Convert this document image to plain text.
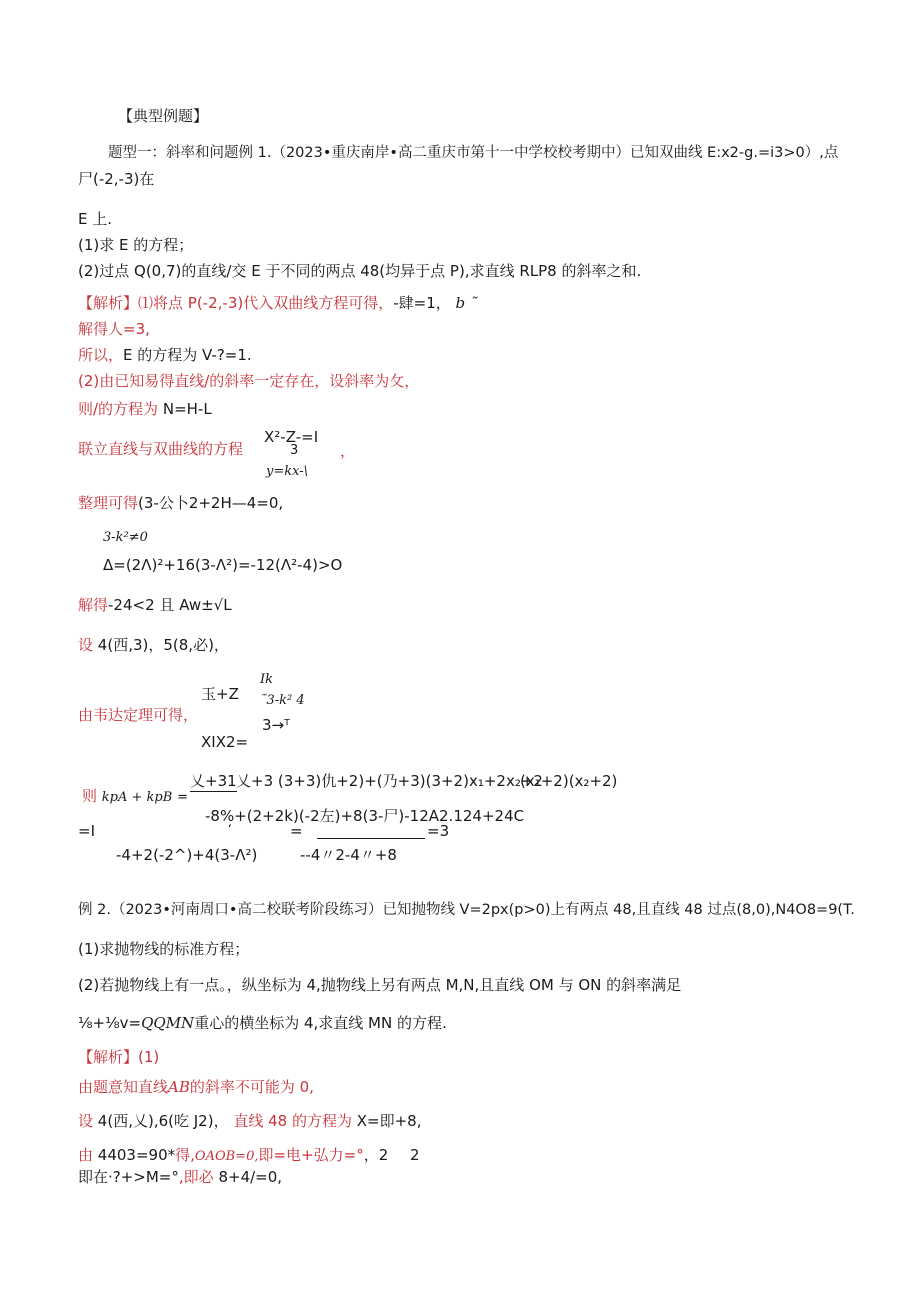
【典型例题】
题型一：斜率和问题例 1.（2023•重庆南岸•高二重庆市第十一中学校校考期中）已知双曲线 E:x2-g.=i3>0）,点
尸(-2,-3)在
E 上.
(1)求 E 的方程；
(2)过点 Q(0,7)的直线/交 E 于不同的两点 48(均异于点 P),求直线 RLP8 的斜率之和.
【解析】⑴将点 P(-2,-3)代入双曲线方程可得，-肆=1， b ˜
解得人=3,
所以，E 的方程为 V-?=1.
(2)由已知易得直线/的斜率一定存在，设斜率为攵，
则/的方程为 N=H-L
联立直线与双曲线的方程
X²-Z-=I
3	，
y=kx-\
整理可得(3-公卜2+2H—4=0,
3-k²≠0
Δ=(2Λ)²+16(3-Λ²)=-12(Λ²-4)>O
解得-24<2 且 Aw±√L
设 4(西,3)，5(8,必)，
由韦达定理可得，
Ik
玉+Z ˜3-k² 4
3→ᵀ
XIX2=
则 kpA + kpB =
乂+31 乂+3 (3+3)仇+2)+(乃+3)(3+2)x₁+2x₂+2
(x₁+2)(x₂+2)
=I
-8%+(2+2k)(-2左)+8(3-尸)-12A2.124+24C
‘	=	=3
-4+2(-2^)+4(3-Λ²)	--4〃2-4〃+8
例 2.（2023•河南周口•高二校联考阶段练习）已知抛物线 V=2px(p>0)上有两点 48,且直线 48 过点(8,0),N4O8=9(T.
(1)求抛物线的标准方程；
(2)若抛物线上有一点。，纵坐标为 4,抛物线上另有两点 M,N,且直线 OM 与 ON 的斜率满足
⅛+⅛v=QQMN重心的横坐标为 4,求直线 MN 的方程.
【解析】(1)
由题意知直线AB的斜率不可能为 0,
设 4(西,乂),6(吃 J2)， 直线 48 的方程为 X=即+8,
由 4403=90*得,OAOB=0,即=电+弘力=°，2 2
即在·?+>M=°,即必 8+4/=0,
